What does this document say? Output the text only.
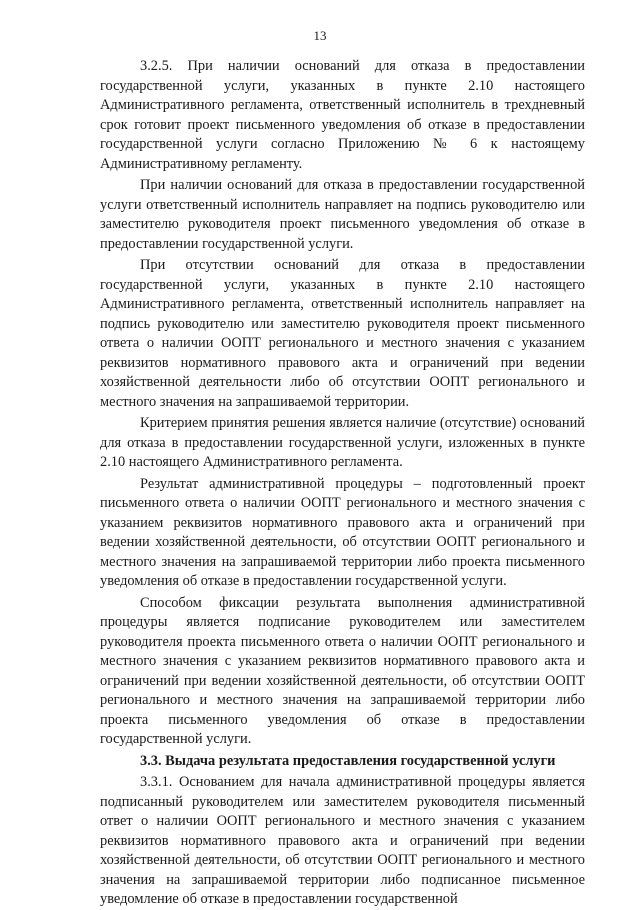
13

3.2.5. При наличии оснований для отказа в предоставлении государственной услуги, указанных в пункте 2.10 настоящего Административного регламента, ответственный исполнитель в трехдневный срок готовит проект письменного уведомления об отказе в предоставлении государственной услуги согласно Приложению № 6 к настоящему Административному регламенту.

При наличии оснований для отказа в предоставлении государственной услуги ответственный исполнитель направляет на подпись руководителю или заместителю руководителя проект письменного уведомления об отказе в предоставлении государственной услуги.

При отсутствии оснований для отказа в предоставлении государственной услуги, указанных в пункте 2.10 настоящего Административного регламента, ответственный исполнитель направляет на подпись руководителю или заместителю руководителя проект письменного ответа о наличии ООПТ регионального и местного значения с указанием реквизитов нормативного правового акта и ограничений при ведении хозяйственной деятельности либо об отсутствии ООПТ регионального и местного значения на запрашиваемой территории.

Критерием принятия решения является наличие (отсутствие) оснований для отказа в предоставлении государственной услуги, изложенных в пункте 2.10 настоящего Административного регламента.

Результат административной процедуры – подготовленный проект письменного ответа о наличии ООПТ регионального и местного значения с указанием реквизитов нормативного правового акта и ограничений при ведении хозяйственной деятельности, об отсутствии ООПТ регионального и местного значения на запрашиваемой территории либо проекта письменного уведомления об отказе в предоставлении государственной услуги.

Способом фиксации результата выполнения административной процедуры является подписание руководителем или заместителем руководителя проекта письменного ответа о наличии ООПТ регионального и местного значения с указанием реквизитов нормативного правового акта и ограничений при ведении хозяйственной деятельности, об отсутствии ООПТ регионального и местного значения на запрашиваемой территории либо проекта письменного уведомления об отказе в предоставлении государственной услуги.

3.3. Выдача результата предоставления государственной услуги

3.3.1. Основанием для начала административной процедуры является подписанный руководителем или заместителем руководителя письменный ответ о наличии ООПТ регионального и местного значения с указанием реквизитов нормативного правового акта и ограничений при ведении хозяйственной деятельности, об отсутствии ООПТ регионального и местного значения на запрашиваемой территории либо подписанное письменное уведомление об отказе в предоставлении государственной
